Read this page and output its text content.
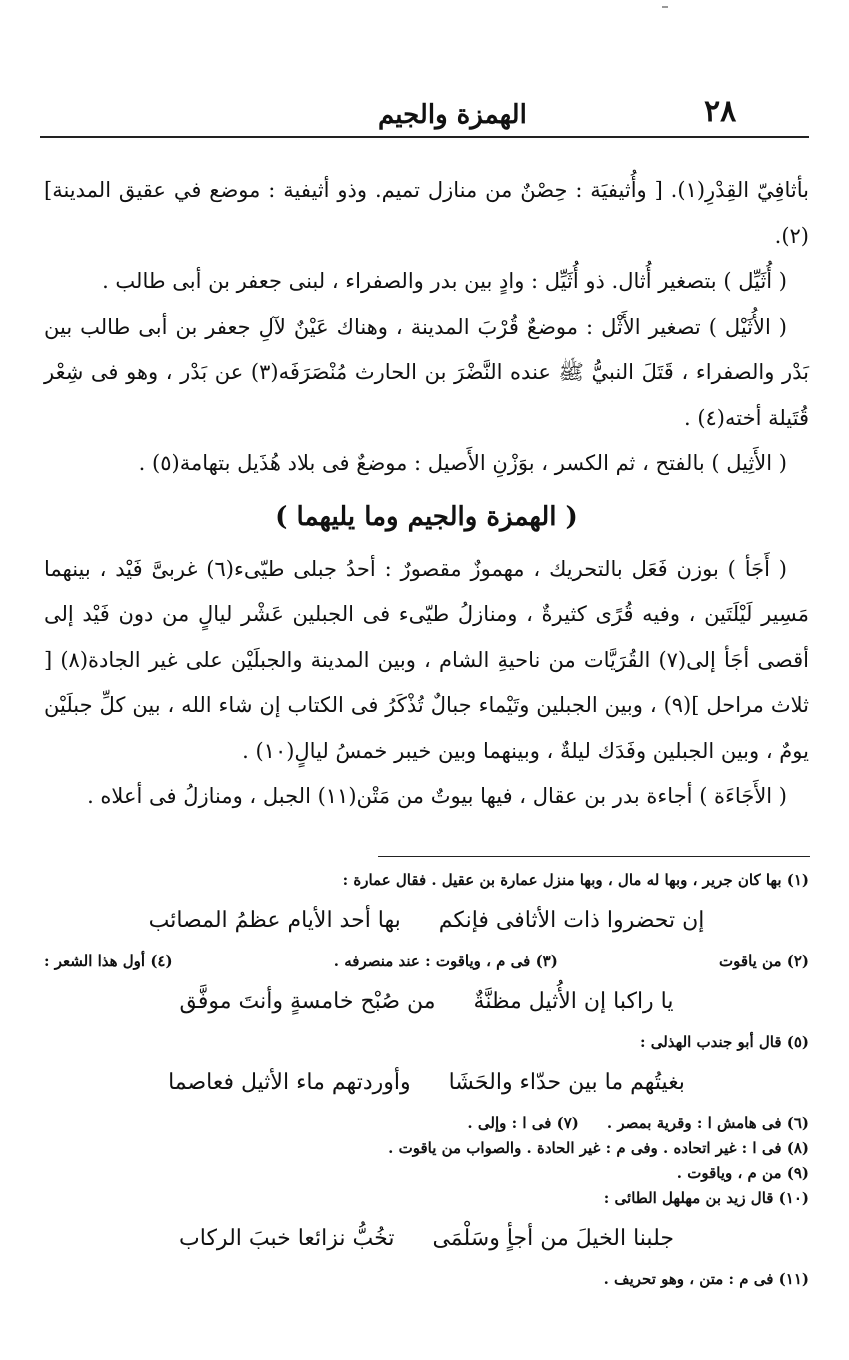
٢٨
الهمزة والجيم

بأثافِيّ القِدْرِ(١). [ وأُثيفيَة : حِصْنٌ من منازل تميم. وذو أثيفية : موضع في عقيق المدينة](٢).

( أُثَيِّل ) بتصغير أُثال. ذو أُثَيِّل : وادٍ بين بدر والصفراء ، لبنى جعفر بن أبى طالب .

( الأُثَيْل ) تصغير الأَثْل : موضعٌ قُرْبَ المدينة ، وهناك عَيْنٌ لآلِ جعفر بن أبى طالب بين بَدْر والصفراء ، قَتَلَ النبيُّ ﷺ عنده النَّضْرَ بن الحارث مُنْصَرَفَه(٣) عن بَدْر ، وهو فى شِعْر قُتَيلة أخته(٤) .

( الأَثِيل ) بالفتح ، ثم الكسر ، بوَزْنِ الأَصيل : موضعٌ فى بلاد هُذَيل بتهامة(٥) .

( الهمزة والجيم وما يليهما )

( أَجَأ ) بوزن فَعَل بالتحريك ، مهموزٌ مقصورٌ : أحدُ جبلى طيّىء(٦) غربىَّ فَيْد ، بينهما مَسِير لَيْلَتَين ، وفيه قُرًى كثيرةٌ ، ومنازلُ طيّىء فى الجبلين عَشْر ليالٍ من دون فَيْد إلى أقصى أجَأ إلى(٧) القُرَيَّات من ناحيةِ الشام ، وبين المدينة والجبلَيْن على غير الجادة(٨) [ ثلاث مراحل ](٩) ، وبين الجبلين وتَيْماء جبالٌ تُذْكَرُ فى الكتاب إن شاء الله ، بين كلِّ جبلَيْن يومٌ ، وبين الجبلين وفَدَك ليلةٌ ، وبينهما وبين خيبر خمسُ ليالٍ(١٠) .

( الأَجَاءَة ) أجاءة بدر بن عقال ، فيها بيوتٌ من مَتْن(١١) الجبل ، ومنازلُ فى أعلاه .

(١) بها كان جرير ، وبها له مال ، وبها منزل عمارة بن عقيل . فقال عمارة :
إن تحضروا ذات الأثافى فإنكم
بها أحد الأيام عظمُ المصائب
(٢) من ياقوت
(٣) فى م ، وياقوت : عند منصرفه .
(٤) أول هذا الشعر :
يا راكبا إن الأُثيل مظنَّةٌ
من صُبْح خامسةٍ وأنتَ موفَّق
(٥) قال أبو جندب الهذلى :
بغيتُهم ما بين حدّاء والحَشَا
وأوردتهم ماء الأثيل فعاصما
(٦) فى هامش ا : وقرية بمصر .
(٧) فى ا : وإلى .
(٨) فى ا : غير اتحاده . وفى م : غير الحادة . والصواب من ياقوت .
(٩) من م ، وياقوت .
(١٠) قال زيد بن مهلهل الطائى :
جلبنا الخيلَ من أجأٍ وسَلْمَى
تخُبُّ نزائعا خببَ الركاب
(١١) فى م : متن ، وهو تحريف .
